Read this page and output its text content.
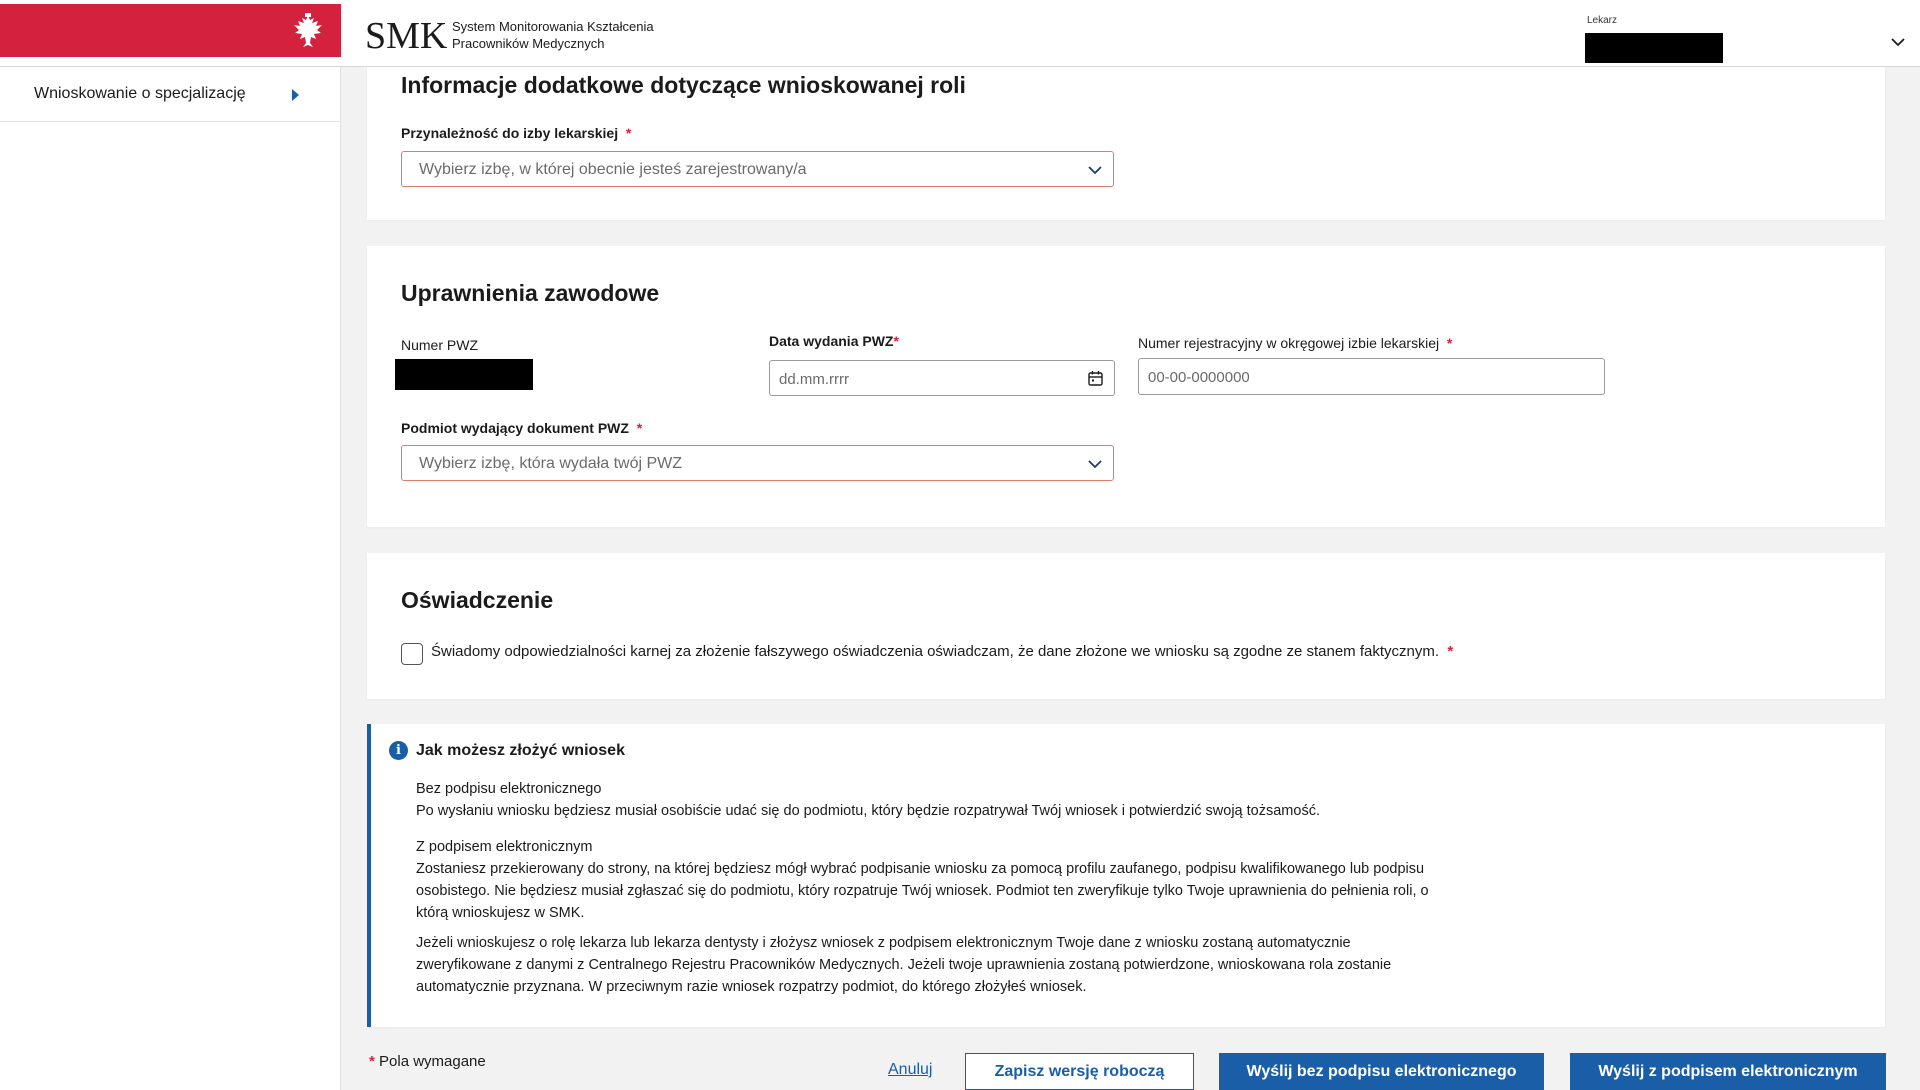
SMK System Monitorowania Kształcenia
Pracowników Medycznych
Lekarz
Wnioskowanie o specjalizację	Informacje dodatkowe dotyczące wnioskowanej roli
Przynależność do izby lekarskiej  *
Wybierz izbę, w której obecnie jesteś zarejestrowany/a
Uprawnienia zawodowe
Numer PWZ	Data wydania PWZ*
dd.mm.rrrr
Numer rejestracyjny w okręgowej izbie lekarskiej  *
00-00-0000000
Podmiot wydający dokument PWZ  *
Wybierz izbę, która wydała twój PWZ
Oświadczenie
Świadomy odpowiedzialności karnej za złożenie fałszywego oświadczenia oświadczam, że dane złożone we wniosku są zgodne ze stanem faktycznym.  *
i Jak możesz złożyć wniosek
Bez podpisu elektronicznego
Po wysłaniu wniosku będziesz musiał osobiście udać się do podmiotu, który będzie rozpatrywał Twój wniosek i potwierdzić swoją tożsamość.
Z podpisem elektronicznym
Zostaniesz przekierowany do strony, na której będziesz mógł wybrać podpisanie wniosku za pomocą profilu zaufanego, podpisu kwalifikowanego lub podpisu osobistego. Nie będziesz musiał zgłaszać się do podmiotu, który rozpatruje Twój wniosek. Podmiot ten zweryfikuje tylko Twoje uprawnienia do pełnienia roli, o którą wnioskujesz w SMK.
Jeżeli wnioskujesz o rolę lekarza lub lekarza dentysty i złożysz wniosek z podpisem elektronicznym Twoje dane z wniosku zostaną automatycznie zweryfikowane z danymi z Centralnego Rejestru Pracowników Medycznych. Jeżeli twoje uprawnienia zostaną potwierdzone, wnioskowana rola zostanie automatycznie przyznana. W przeciwnym razie wniosek rozpatrzy podmiot, do którego złożyłeś wniosek.
* Pola wymagane	Anuluj	Zapisz wersję roboczą	Wyślij bez podpisu elektronicznego	Wyślij z podpisem elektronicznym
